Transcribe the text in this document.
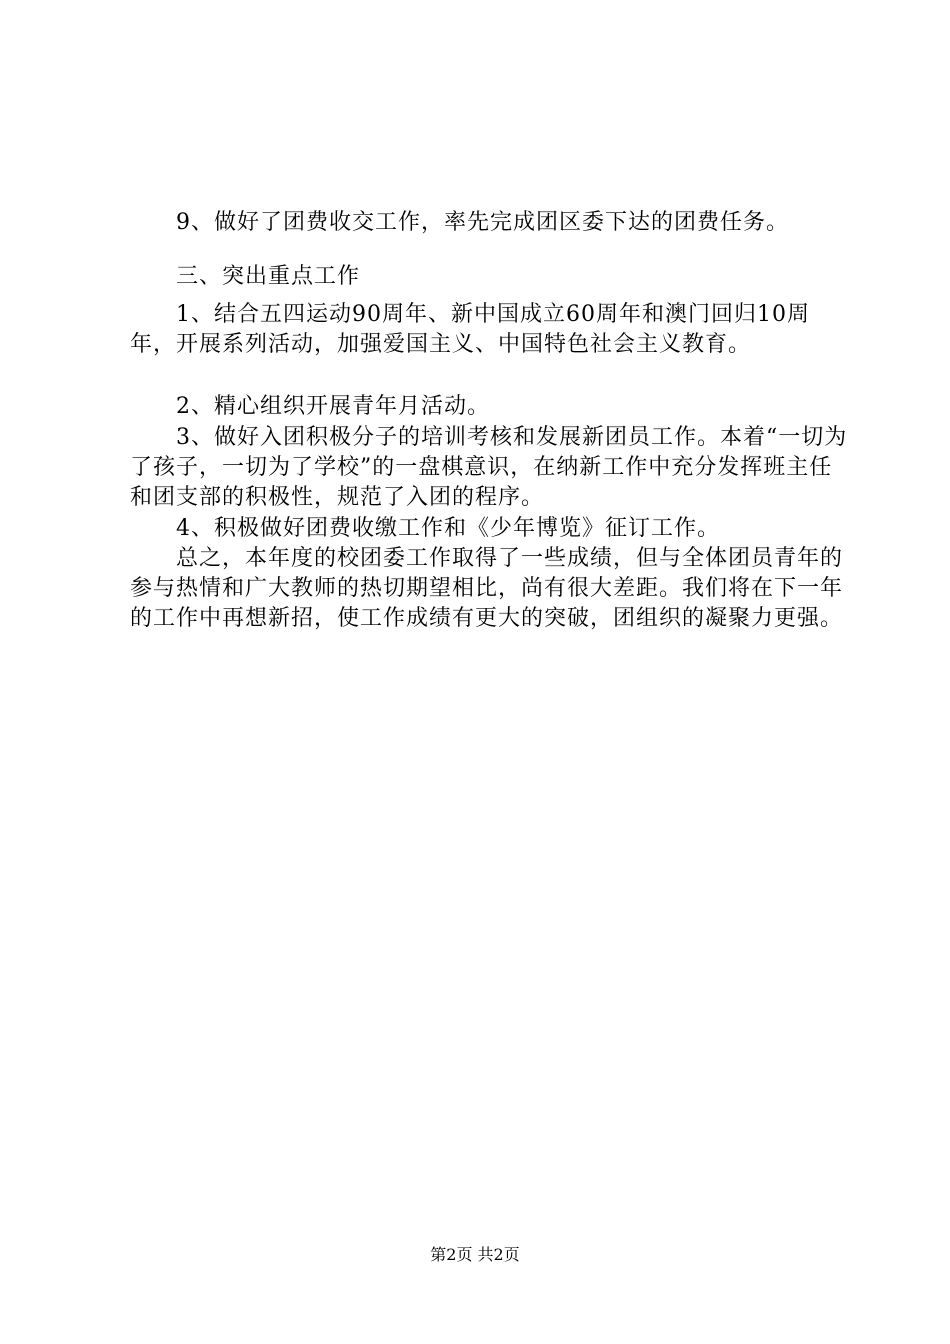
9、做好了团费收交工作，率先完成团区委下达的团费任务。

三、突出重点工作

1、结合五四运动90周年、新中国成立60周年和澳门回归10周年，开展系列活动，加强爱国主义、中国特色社会主义教育。

2、精心组织开展青年月活动。

3、做好入团积极分子的培训考核和发展新团员工作。本着“一切为了孩子，一切为了学校”的一盘棋意识，在纳新工作中充分发挥班主任和团支部的积极性，规范了入团的程序。

4、积极做好团费收缴工作和《少年博览》征订工作。

总之，本年度的校团委工作取得了一些成绩，但与全体团员青年的参与热情和广大教师的热切期望相比，尚有很大差距。我们将在下一年的工作中再想新招，使工作成绩有更大的突破，团组织的凝聚力更强。

第2页 共2页
